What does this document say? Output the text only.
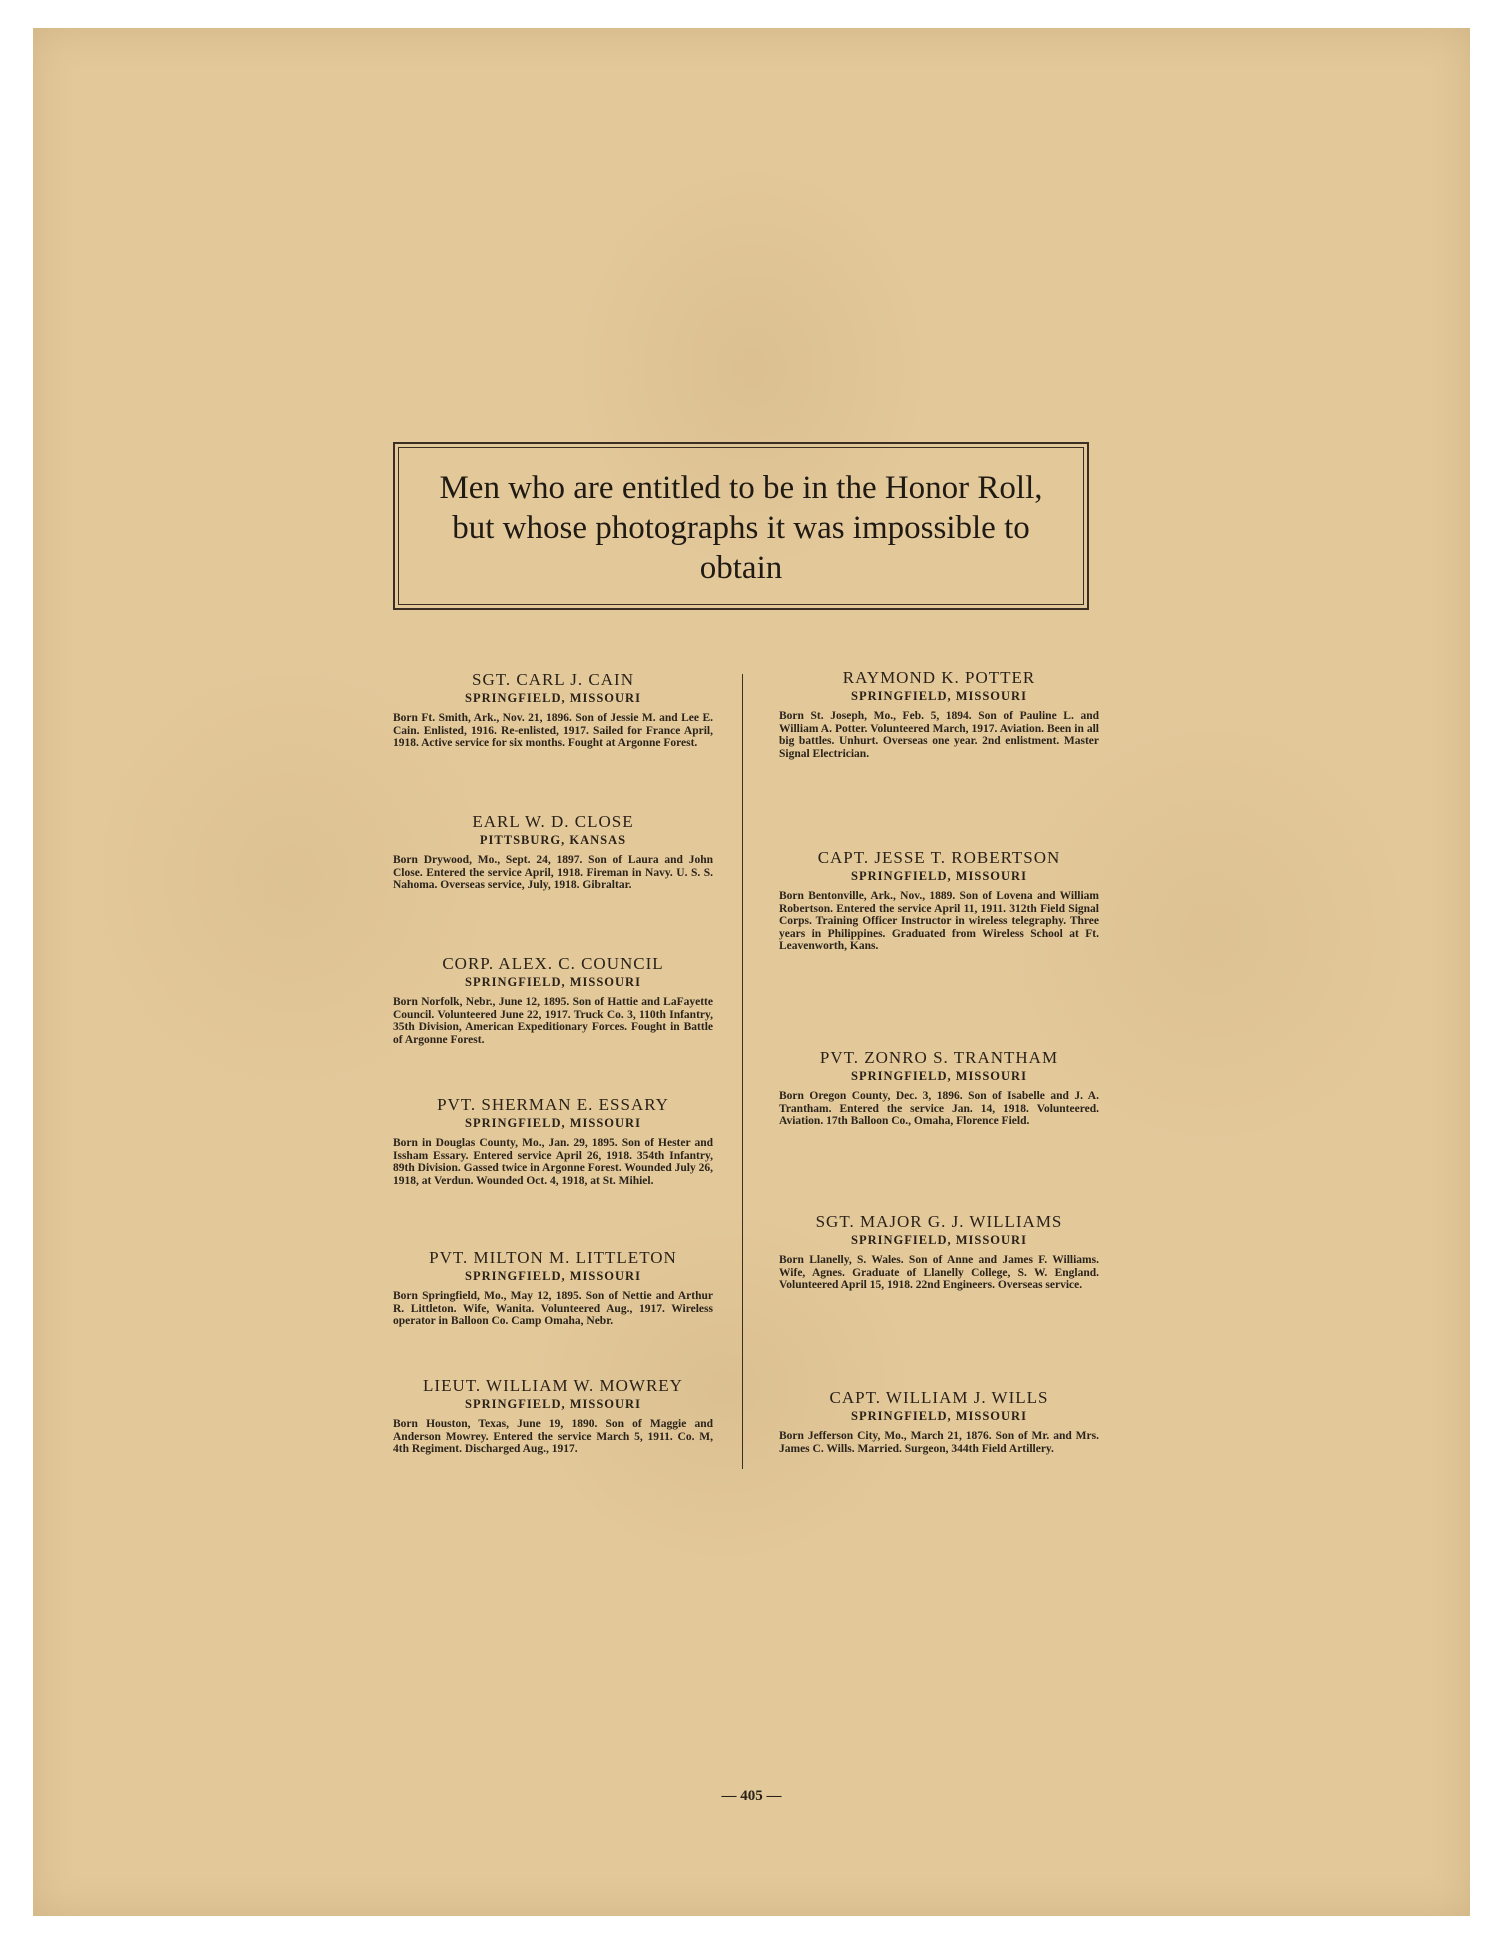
Men who are entitled to be in the Honor Roll, but whose photographs it was impossible to obtain
SGT. CARL J. CAIN
SPRINGFIELD, MISSOURI
Born Ft. Smith, Ark., Nov. 21, 1896. Son of Jessie M. and Lee E. Cain. Enlisted, 1916. Re-enlisted, 1917. Sailed for France April, 1918. Active service for six months. Fought at Argonne Forest.
EARL W. D. CLOSE
PITTSBURG, KANSAS
Born Drywood, Mo., Sept. 24, 1897. Son of Laura and John Close. Entered the service April, 1918. Fireman in Navy. U. S. S. Nahoma. Overseas service, July, 1918. Gibraltar.
CORP. ALEX. C. COUNCIL
SPRINGFIELD, MISSOURI
Born Norfolk, Nebr., June 12, 1895. Son of Hattie and LaFayette Council. Volunteered June 22, 1917. Truck Co. 3, 110th Infantry, 35th Division, American Expeditionary Forces. Fought in Battle of Argonne Forest.
PVT. SHERMAN E. ESSARY
SPRINGFIELD, MISSOURI
Born in Douglas County, Mo., Jan. 29, 1895. Son of Hester and Issham Essary. Entered service April 26, 1918. 354th Infantry, 89th Division. Gassed twice in Argonne Forest. Wounded July 26, 1918, at Verdun. Wounded Oct. 4, 1918, at St. Mihiel.
PVT. MILTON M. LITTLETON
SPRINGFIELD, MISSOURI
Born Springfield, Mo., May 12, 1895. Son of Nettie and Arthur R. Littleton. Wife, Wanita. Volunteered Aug., 1917. Wireless operator in Balloon Co. Camp Omaha, Nebr.
LIEUT. WILLIAM W. MOWREY
SPRINGFIELD, MISSOURI
Born Houston, Texas, June 19, 1890. Son of Maggie and Anderson Mowrey. Entered the service March 5, 1911. Co. M, 4th Regiment. Discharged Aug., 1917.
RAYMOND K. POTTER
SPRINGFIELD, MISSOURI
Born St. Joseph, Mo., Feb. 5, 1894. Son of Pauline L. and William A. Potter. Volunteered March, 1917. Aviation. Been in all big battles. Unhurt. Overseas one year. 2nd enlistment. Master Signal Electrician.
CAPT. JESSE T. ROBERTSON
SPRINGFIELD, MISSOURI
Born Bentonville, Ark., Nov., 1889. Son of Lovena and William Robertson. Entered the service April 11, 1911. 312th Field Signal Corps. Training Officer Instructor in wireless telegraphy. Three years in Philippines. Graduated from Wireless School at Ft. Leavenworth, Kans.
PVT. ZONRO S. TRANTHAM
SPRINGFIELD, MISSOURI
Born Oregon County, Dec. 3, 1896. Son of Isabelle and J. A. Trantham. Entered the service Jan. 14, 1918. Volunteered. Aviation. 17th Balloon Co., Omaha, Florence Field.
SGT. MAJOR G. J. WILLIAMS
SPRINGFIELD, MISSOURI
Born Llanelly, S. Wales. Son of Anne and James F. Williams. Wife, Agnes. Graduate of Llanelly College, S. W. England. Volunteered April 15, 1918. 22nd Engineers. Overseas service.
CAPT. WILLIAM J. WILLS
SPRINGFIELD, MISSOURI
Born Jefferson City, Mo., March 21, 1876. Son of Mr. and Mrs. James C. Wills. Married. Surgeon, 344th Field Artillery.
— 405 —
